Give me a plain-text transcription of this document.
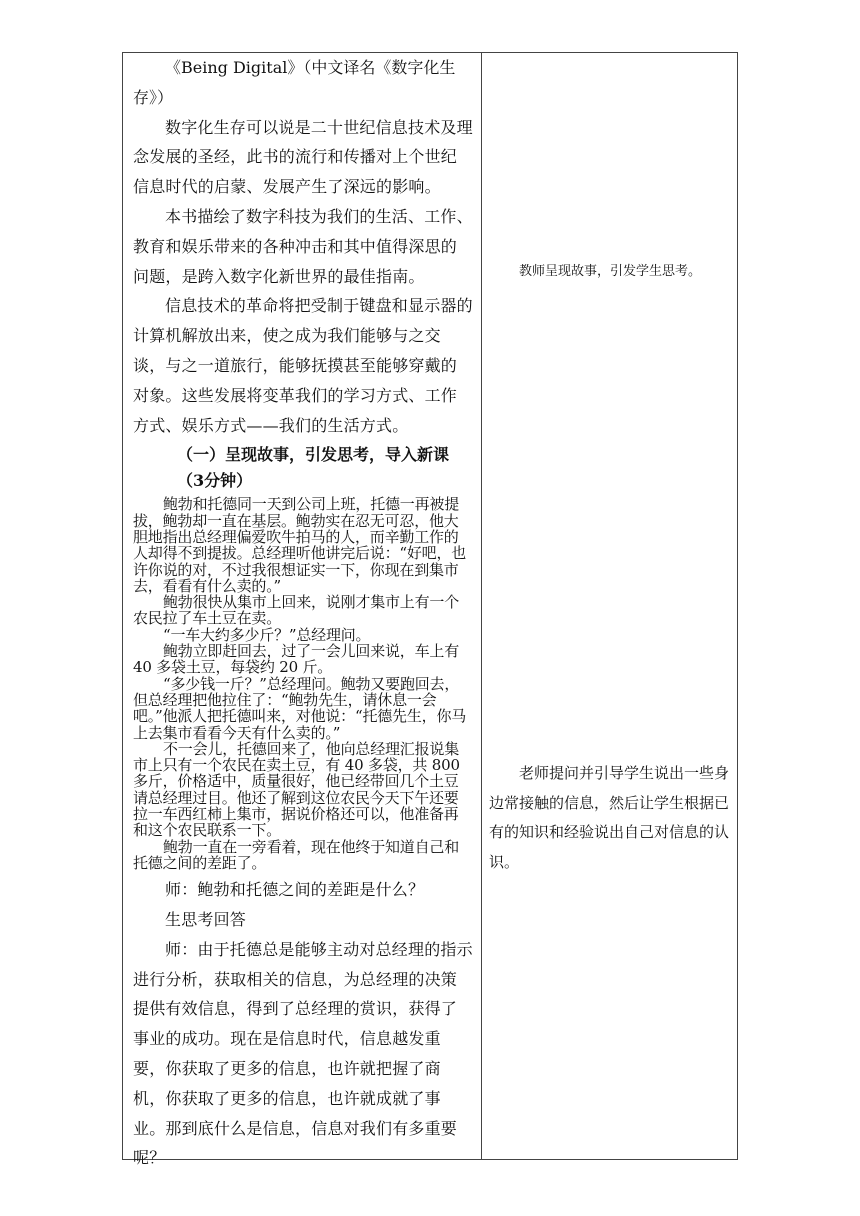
《Being Digital》（中文译名《数字化生存》）

数字化生存可以说是二十世纪信息技术及理念发展的圣经，此书的流行和传播对上个世纪信息时代的启蒙、发展产生了深远的影响。

本书描绘了数字科技为我们的生活、工作、教育和娱乐带来的各种冲击和其中值得深思的问题，是跨入数字化新世界的最佳指南。

信息技术的革命将把受制于键盘和显示器的计算机解放出来，使之成为我们能够与之交谈，与之一道旅行，能够抚摸甚至能够穿戴的对象。这些发展将变革我们的学习方式、工作方式、娱乐方式——我们的生活方式。

（一）呈现故事，引发思考，导入新课（3分钟）

鲍勃和托德同一天到公司上班，托德一再被提拔，鲍勃却一直在基层。鲍勃实在忍无可忍，他大胆地指出总经理偏爱吹牛拍马的人，而辛勤工作的人却得不到提拔。总经理听他讲完后说：“好吧，也许你说的对，不过我很想证实一下，你现在到集市去，看看有什么卖的。”

鲍勃很快从集市上回来，说刚才集市上有一个农民拉了车土豆在卖。

“一车大约多少斤？”总经理问。

鲍勃立即赶回去，过了一会儿回来说，车上有 40 多袋土豆，每袋约 20 斤。

“多少钱一斤？”总经理问。鲍勃又要跑回去，但总经理把他拉住了：“鲍勃先生，请休息一会吧。”他派人把托德叫来，对他说：“托德先生，你马上去集市看看今天有什么卖的。”

不一会儿，托德回来了，他向总经理汇报说集市上只有一个农民在卖土豆，有 40 多袋，共 800 多斤，价格适中，质量很好，他已经带回几个土豆请总经理过目。他还了解到这位农民今天下午还要拉一车西红柿上集市，据说价格还可以，他准备再和这个农民联系一下。

鲍勃一直在一旁看着，现在他终于知道自己和托德之间的差距了。

师：鲍勃和托德之间的差距是什么？

生思考回答

师：由于托德总是能够主动对总经理的指示进行分析，获取相关的信息，为总经理的决策提供有效信息，得到了总经理的赏识，获得了事业的成功。现在是信息时代，信息越发重要，你获取了更多的信息，也许就把握了商机，你获取了更多的信息，也许就成就了事业。那到底什么是信息，信息对我们有多重要呢？

教师呈现故事，引发学生思考。
老师提问并引导学生说出一些身边常接触的信息，然后让学生根据已有的知识和经验说出自己对信息的认识。
